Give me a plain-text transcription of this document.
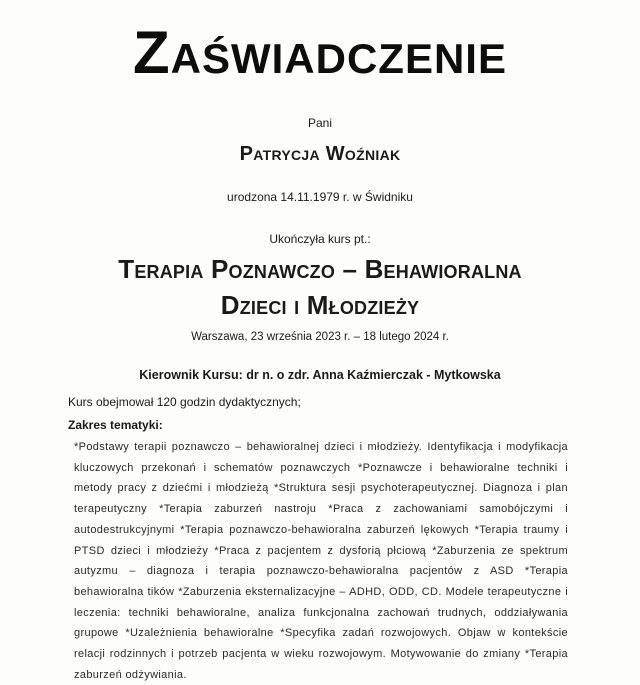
Zaświadczenie
Pani
Patrycja Woźniak
urodzona 14.11.1979 r. w Świdniku
Ukończyła kurs pt.:
Terapia Poznawczo – Behawioralna
Dzieci i Młodzieży
Warszawa, 23 września 2023 r. – 18 lutego 2024 r.
Kierownik Kursu: dr n. o zdr. Anna Kaźmierczak - Mytkowska
Kurs obejmował 120 godzin dydaktycznych;
Zakres tematyki:
*Podstawy terapii poznawczo – behawioralnej dzieci i młodzieży. Identyfikacja i modyfikacja kluczowych przekonań i schematów poznawczych *Poznawcze i behawioralne techniki i metody pracy z dziećmi i młodzieżą *Struktura sesji psychoterapeutycznej. Diagnoza i plan terapeutyczny *Terapia zaburzeń nastroju *Praca z zachowaniami samobójczymi i autodestrukcyjnymi *Terapia poznawczo-behawioralna zaburzeń lękowych *Terapia traumy i PTSD dzieci i młodzieży *Praca z pacjentem z dysforią płciową *Zaburzenia ze spektrum autyzmu – diagnoza i terapia poznawczo-behawioralna pacjentów z ASD *Terapia behawioralna tików *Zaburzenia eksternalizacyjne – ADHD, ODD, CD. Modele terapeutyczne i leczenia: techniki behawioralne, analiza funkcjonalna zachowań trudnych, oddziaływania grupowe *Uzależnienia behawioralne *Specyfika zadań rozwojowych. Objaw w kontekście relacji rodzinnych i potrzeb pacjenta w wieku rozwojowym. Motywowanie do zmiany *Terapia zaburzeń odżywiania.
